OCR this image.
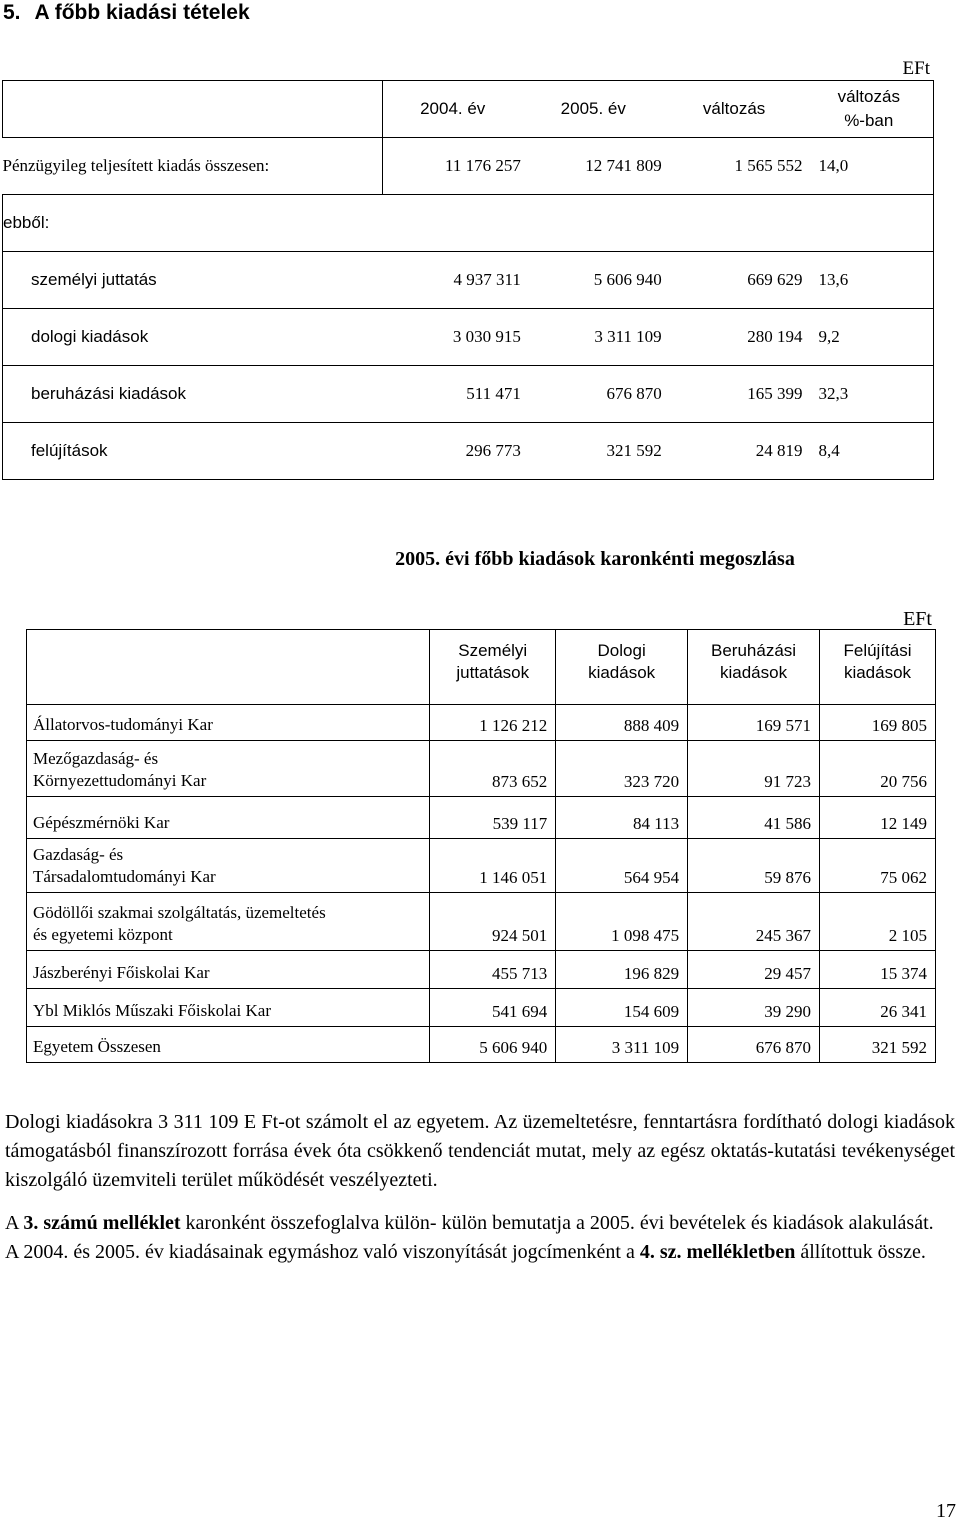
5. A főbb kiadási tételek
EFt
	2004. év	2005. év	változás	változás %-ban
Pénzügyileg teljesített kiadás összesen:	11 176 257	12 741 809	1 565 552	14,0
ebből:				
személyi juttatás	4 937 311	5 606 940	669 629	13,6
dologi kiadások	3 030 915	3 311 109	280 194	9,2
beruházási kiadások	511 471	676 870	165 399	32,3
felújítások	296 773	321 592	24 819	8,4
2005. évi főbb kiadások karonkénti megoszlása
EFt
	Személyi juttatások	Dologi kiadások	Beruházási kiadások	Felújítási kiadások

Állatorvos-tudományi Kar	1 126 212	888 409	169 571	169 805
Mezőgazdaság- és
Környezettudományi Kar	873 652	323 720	91 723	20 756
Gépészmérnöki Kar	539 117	84 113	41 586	12 149
Gazdaság- és
Társadalomtudományi Kar	1 146 051	564 954	59 876	75 062
Gödöllői szakmai szolgáltatás, üzemeltetés
és egyetemi központ	924 501	1 098 475	245 367	2 105
Jászberényi Főiskolai Kar	455 713	196 829	29 457	15 374
Ybl Miklós Műszaki Főiskolai Kar	541 694	154 609	39 290	26 341
Egyetem Összesen	5 606 940	3 311 109	676 870	321 592

Dologi kiadásokra 3 311 109 E Ft-ot számolt el az egyetem. Az üzemeltetésre, fenntartásra fordítható dologi kiadások támogatásból finanszírozott forrása évek óta csökkenő tendenciát mutat, mely az egész oktatás-kutatási tevékenységet kiszolgáló üzemviteli terület működését veszélyezteti.

A 3. számú melléklet karonként összefoglalva külön- külön bemutatja a 2005. évi bevételek és kiadások alakulását.

A 2004. és 2005. év kiadásainak egymáshoz való viszonyítását jogcímenként a 4. sz. mellékletben állítottuk össze.

17
